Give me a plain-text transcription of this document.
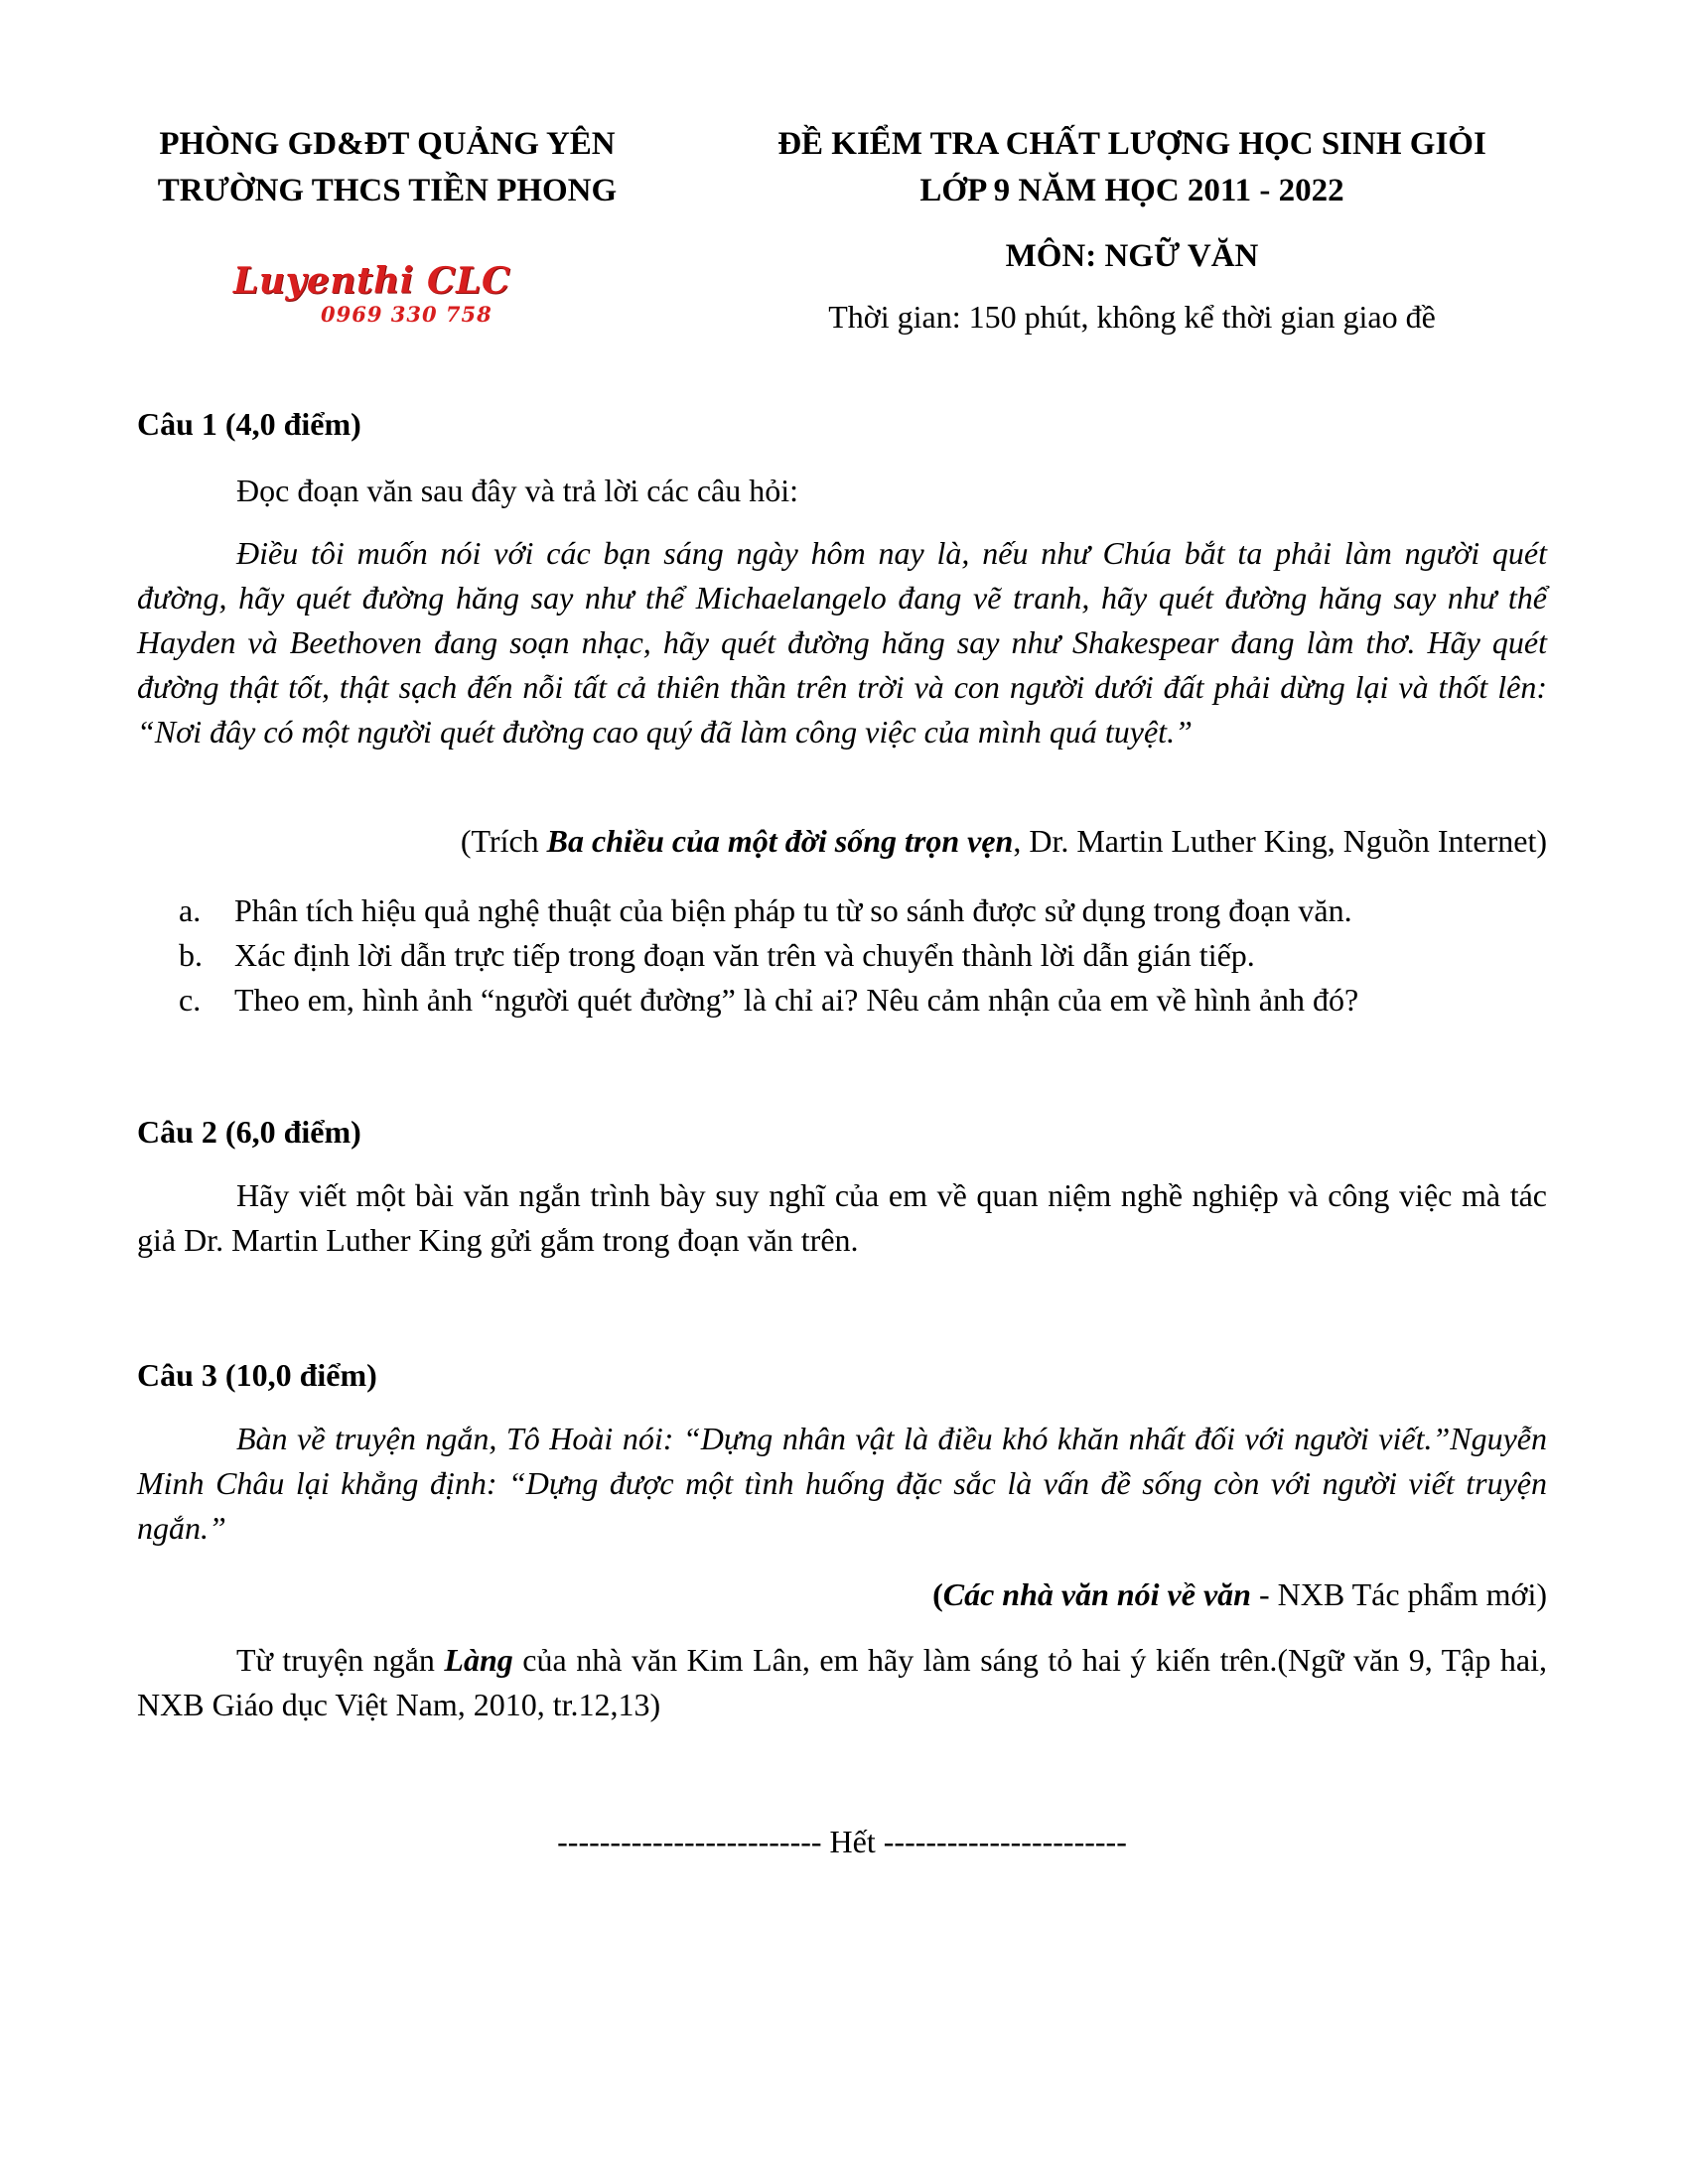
PHÒNG GD&ĐT QUẢNG YÊN
TRƯỜNG THCS TIỀN PHONG
Luyenthi CLC
0969 330 758
ĐỀ KIỂM TRA CHẤT LƯỢNG HỌC SINH GIỎI
LỚP 9 NĂM HỌC 2011 - 2022
MÔN: NGỮ VĂN
Thời gian: 150 phút, không kể thời gian giao đề
Câu 1 (4,0 điểm)
Đọc đoạn văn sau đây và trả lời các câu hỏi:
Điều tôi muốn nói với các bạn sáng ngày hôm nay là, nếu như Chúa bắt ta phải làm người quét đường, hãy quét đường hăng say như thể Michaelangelo đang vẽ tranh, hãy quét đường hăng say như thể Hayden và Beethoven đang soạn nhạc, hãy quét đường hăng say như Shakespear đang làm thơ. Hãy quét đường thật tốt, thật sạch đến nỗi tất cả thiên thần trên trời và con người dưới đất phải dừng lại và thốt lên: “Nơi đây có một người quét đường cao quý đã làm công việc của mình quá tuyệt.”
(Trích Ba chiều của một đời sống trọn vẹn, Dr. Martin Luther King, Nguồn Internet)
a.	Phân tích hiệu quả nghệ thuật của biện pháp tu từ so sánh được sử dụng trong đoạn văn.
b.	Xác định lời dẫn trực tiếp trong đoạn văn trên và chuyển thành lời dẫn gián tiếp.
c.	Theo em, hình ảnh “người quét đường” là chỉ ai? Nêu cảm nhận của em về hình ảnh đó?
Câu 2 (6,0 điểm)
Hãy viết một bài văn ngắn trình bày suy nghĩ của em về quan niệm nghề nghiệp và công việc mà tác giả Dr. Martin Luther King gửi gắm trong đoạn văn trên.
Câu 3 (10,0 điểm)
Bàn về truyện ngắn, Tô Hoài nói: “Dựng nhân vật là điều khó khăn nhất đối với người viết.”Nguyễn Minh Châu lại khẳng định: “Dựng được một tình huống đặc sắc là vấn đề sống còn với người viết truyện ngắn.”
(Các nhà văn nói về văn - NXB Tác phẩm mới)
Từ truyện ngắn Làng của nhà văn Kim Lân, em hãy làm sáng tỏ hai ý kiến trên.(Ngữ văn 9, Tập hai, NXB Giáo dục Việt Nam, 2010, tr.12,13)
------------------------- Hết -----------------------
